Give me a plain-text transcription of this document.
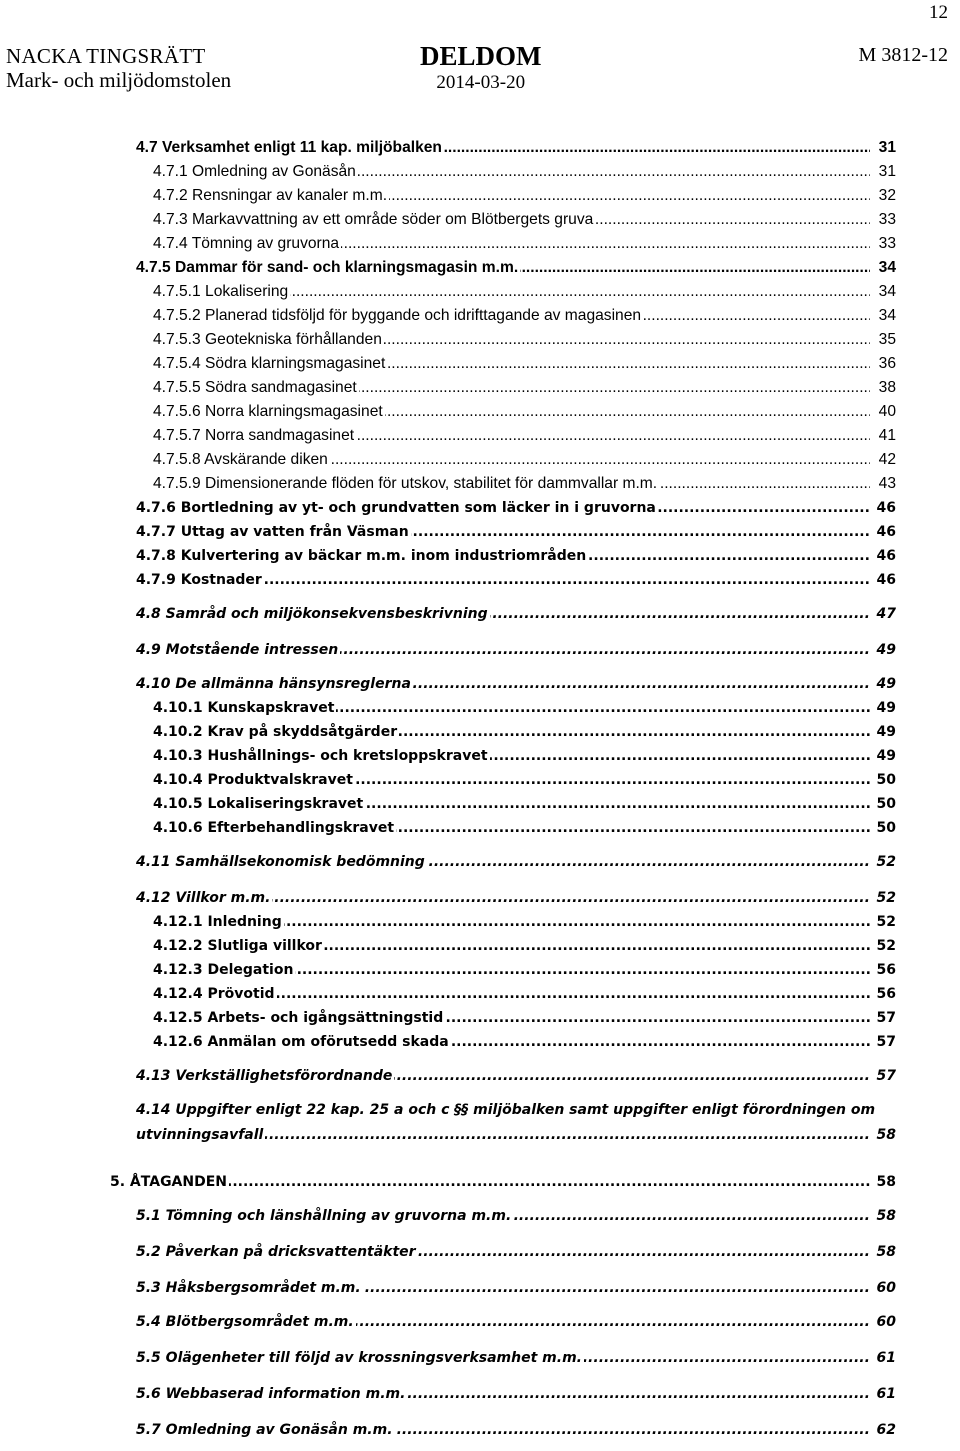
12
NACKA TINGSRÄTT
Mark- och miljödomstolen
DELDOM
2014-03-20
M 3812-12
.....
4.7 Verksamhet enligt 11 kap. miljöbalken	31
.....
4.7.1 Omledning av Gonäsån	31
.....
4.7.2 Rensningar av kanaler m.m.	32
.....
4.7.3 Markavvattning av ett område söder om Blötbergets gruva	33
.....
4.7.4 Tömning av gruvorna	33
.....
4.7.5 Dammar för sand- och klarningsmagasin m.m.	34
.....
4.7.5.1 Lokalisering	34
.....
4.7.5.2 Planerad tidsföljd för byggande och idrifttagande av magasinen	34
.....
4.7.5.3 Geotekniska förhållanden	35
.....
4.7.5.4 Södra klarningsmagasinet	36
.....
4.7.5.5 Södra sandmagasinet	38
.....
4.7.5.6 Norra klarningsmagasinet	40
.....
4.7.5.7 Norra sandmagasinet	41
.....
4.7.5.8 Avskärande diken	42
.....
4.7.5.9 Dimensionerande flöden för utskov, stabilitet för dammvallar m.m.	43
.....
4.7.6 Bortledning av yt- och grundvatten som läcker in i gruvorna	46
.....
4.7.7 Uttag av vatten från Väsman	46
.....
4.7.8 Kulvertering av bäckar m.m. inom industriområden	46
.....
4.7.9 Kostnader	46
.....
4.8 Samråd och miljökonsekvensbeskrivning	47
.....
4.9 Motstående intressen	49
.....
4.10 De allmänna hänsynsreglerna	49
.....
4.10.1 Kunskapskravet	49
.....
4.10.2 Krav på skyddsåtgärder	49
.....
4.10.3 Hushållnings- och kretsloppskravet	49
.....
4.10.4 Produktvalskravet	50
.....
4.10.5 Lokaliseringskravet	50
.....
4.10.6 Efterbehandlingskravet	50
.....
4.11 Samhällsekonomisk bedömning	52
.....
4.12 Villkor m.m.	52
.....
4.12.1 Inledning	52
.....
4.12.2 Slutliga villkor	52
.....
4.12.3 Delegation	56
.....
4.12.4 Prövotid	56
.....
4.12.5 Arbets- och igångsättningstid	57
.....
4.12.6 Anmälan om oförutsedd skada	57
.....
4.13 Verkställighetsförordnande	57
4.14 Uppgifter enligt 22 kap. 25 a och c §§ miljöbalken samt uppgifter enligt förordningen om
.....
utvinningsavfall	58
.....
5. ÅTAGANDEN	58
.....
5.1 Tömning och länshållning av gruvorna m.m.	58
.....
5.2 Påverkan på dricksvattentäkter	58
.....
5.3 Håksbergsområdet m.m.	60
.....
5.4 Blötbergsområdet m.m.	60
.....
5.5 Olägenheter till följd av krossningsverksamhet m.m.	61
.....
5.6 Webbaserad information m.m.	61
.....
5.7 Omledning av Gonäsån m.m.	62
